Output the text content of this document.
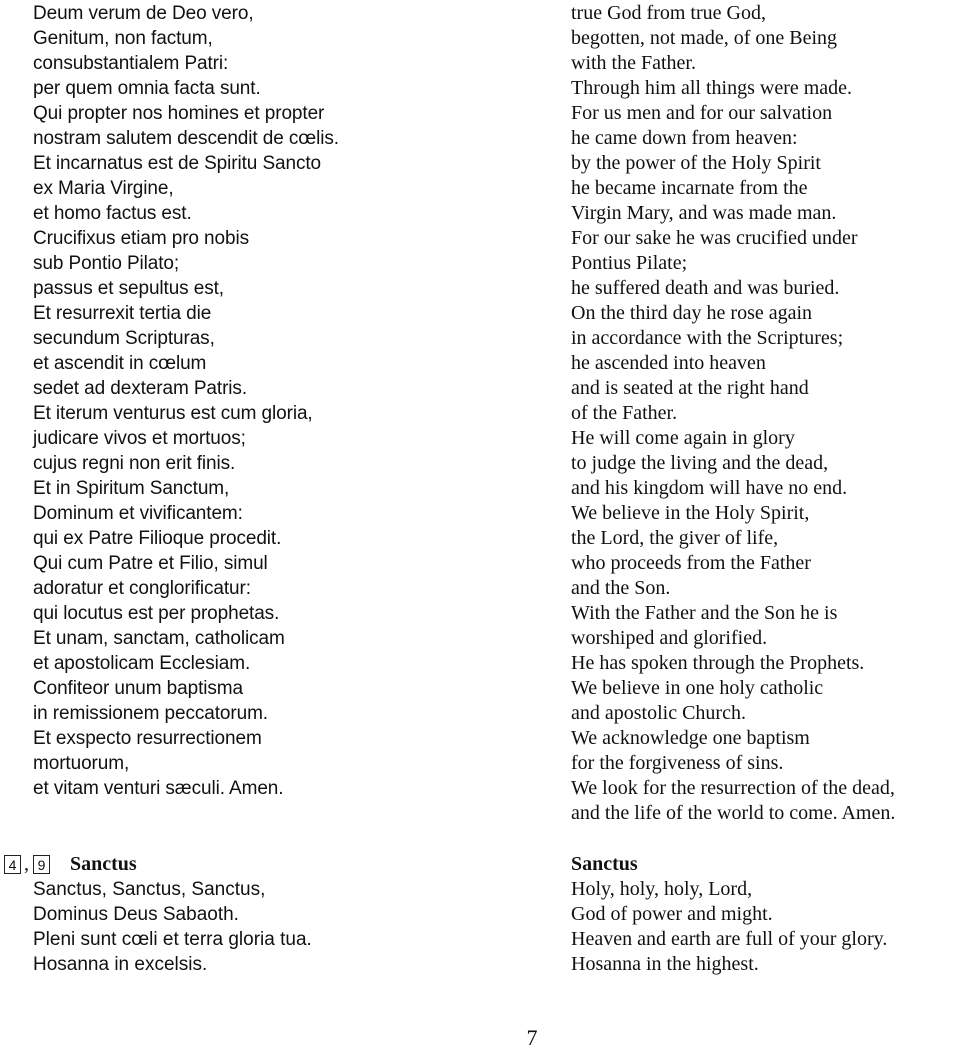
Deum verum de Deo vero,
Genitum, non factum,
consubstantialem Patri:
per quem omnia facta sunt.
Qui propter nos homines et propter
nostram salutem descendit de cœlis.
Et incarnatus est de Spiritu Sancto
ex Maria Virgine,
et homo factus est.
Crucifixus etiam pro nobis
sub Pontio Pilato;
passus et sepultus est,
Et resurrexit tertia die
secundum Scripturas,
et ascendit in cœlum
sedet ad dexteram Patris.
Et iterum venturus est cum gloria,
judicare vivos et mortuos;
cujus regni non erit finis.
Et in Spiritum Sanctum,
Dominum et vivificantem:
qui ex Patre Filioque procedit.
Qui cum Patre et Filio, simul
adoratur et conglorificatur:
qui locutus est per prophetas.
Et unam, sanctam, catholicam
et apostolicam Ecclesiam.
Confiteor unum baptisma
in remissionem peccatorum.
Et exspecto resurrectionem
mortuorum,
et vitam venturi sæculi. Amen.
true God from true God,
begotten, not made, of one Being
with the Father.
Through him all things were made.
For us men and for our salvation
he came down from heaven:
by the power of the Holy Spirit
he became incarnate from the
Virgin Mary, and was made man.
For our sake he was crucified under
Pontius Pilate;
he suffered death and was buried.
On the third day he rose again
in accordance with the Scriptures;
he ascended into heaven
and is seated at the right hand
of the Father.
He will come again in glory
to judge the living and the dead,
and his kingdom will have no end.
We believe in the Holy Spirit,
the Lord, the giver of life,
who proceeds from the Father
and the Son.
With the Father and the Son he is
worshiped and glorified.
He has spoken through the Prophets.
We believe in one holy catholic
and apostolic Church.
We acknowledge one baptism
for the forgiveness of sins.
We look for the resurrection of the dead,
and the life of the world to come. Amen.
4 , 9 Sanctus
Sanctus, Sanctus, Sanctus,
Dominus Deus Sabaoth.
Pleni sunt cœli et terra gloria tua.
Hosanna in excelsis.
Sanctus
Holy, holy, holy, Lord,
God of power and might.
Heaven and earth are full of your glory.
Hosanna in the highest.
7
